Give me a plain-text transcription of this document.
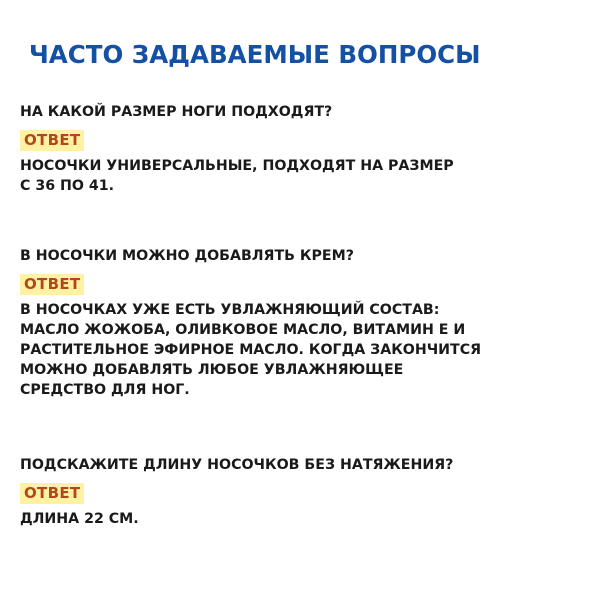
ЧАСТО ЗАДАВАЕМЫЕ ВОПРОСЫ

НА КАКОЙ РАЗМЕР НОГИ ПОДХОДЯТ?

ОТВЕТ

НОСОЧКИ УНИВЕРСАЛЬНЫЕ, ПОДХОДЯТ НА РАЗМЕР
С 36 ПО 41.

В НОСОЧКИ МОЖНО ДОБАВЛЯТЬ КРЕМ?

ОТВЕТ

В НОСОЧКАХ УЖЕ ЕСТЬ УВЛАЖНЯЮЩИЙ СОСТАВ:
МАСЛО ЖОЖОБА, ОЛИВКОВОЕ МАСЛО, ВИТАМИН Е И
РАСТИТЕЛЬНОЕ ЭФИРНОЕ МАСЛО. КОГДА ЗАКОНЧИТСЯ
МОЖНО ДОБАВЛЯТЬ ЛЮБОЕ УВЛАЖНЯЮЩЕЕ
СРЕДСТВО ДЛЯ НОГ.

ПОДСКАЖИТЕ ДЛИНУ НОСОЧКОВ БЕЗ НАТЯЖЕНИЯ?

ОТВЕТ

ДЛИНА 22 СМ.
